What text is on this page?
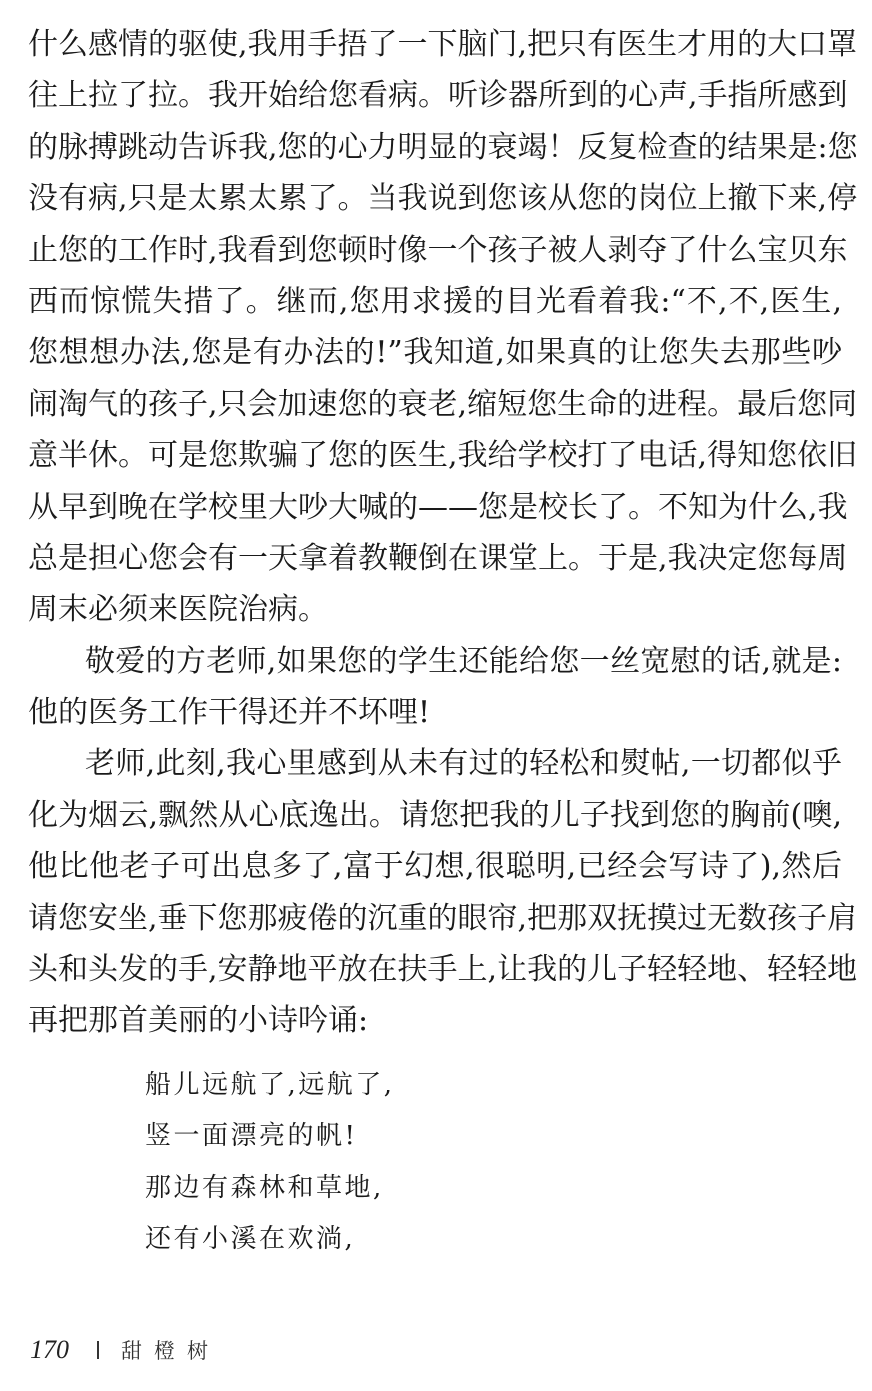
什么感情的驱使,我用手捂了一下脑门,把只有医生才用的大口罩
往上拉了拉。我开始给您看病。听诊器所到的心声,手指所感到
的脉搏跳动告诉我,您的心力明显的衰竭！反复检查的结果是:您
没有病,只是太累太累了。当我说到您该从您的岗位上撤下来,停
止您的工作时,我看到您顿时像一个孩子被人剥夺了什么宝贝东
西而惊慌失措了。继而,您用求援的目光看着我:“不,不,医生,
您想想办法,您是有办法的!”我知道,如果真的让您失去那些吵
闹淘气的孩子,只会加速您的衰老,缩短您生命的进程。最后您同
意半休。可是您欺骗了您的医生,我给学校打了电话,得知您依旧
从早到晚在学校里大吵大喊的——您是校长了。不知为什么,我
总是担心您会有一天拿着教鞭倒在课堂上。于是,我决定您每周
周末必须来医院治病。
敬爱的方老师,如果您的学生还能给您一丝宽慰的话,就是:
他的医务工作干得还并不坏哩!
老师,此刻,我心里感到从未有过的轻松和熨帖,一切都似乎
化为烟云,飘然从心底逸出。请您把我的儿子找到您的胸前(噢,
他比他老子可出息多了,富于幻想,很聪明,已经会写诗了),然后
请您安坐,垂下您那疲倦的沉重的眼帘,把那双抚摸过无数孩子肩
头和头发的手,安静地平放在扶手上,让我的儿子轻轻地、轻轻地
再把那首美丽的小诗吟诵:
船儿远航了,远航了,
竖一面漂亮的帆!
那边有森林和草地,
还有小溪在欢淌,
170 甜橙树
